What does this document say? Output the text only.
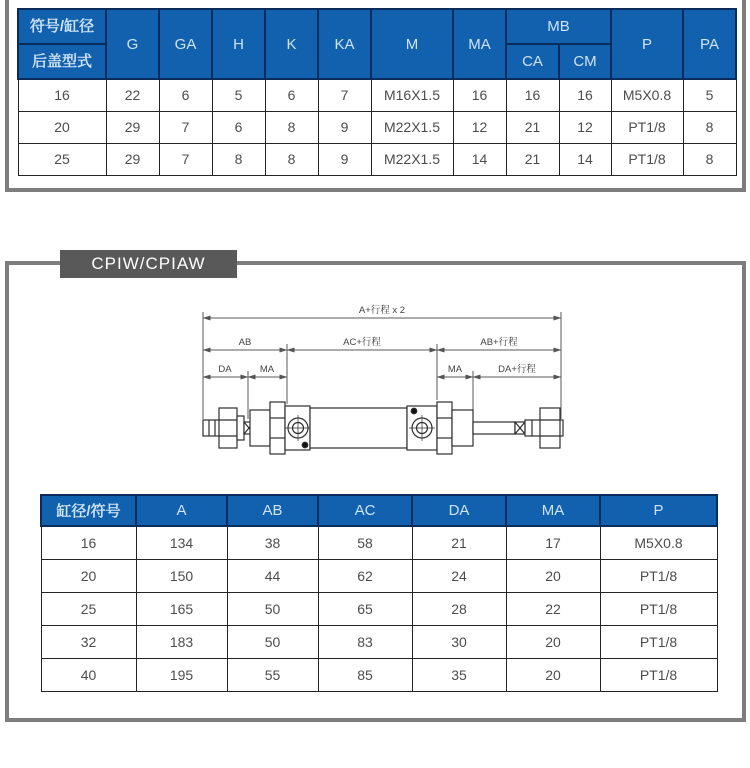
符号/缸径
后盖型式	G	GA	H	K	KA	M	MA	MB		P	PA
								CA	CM		
16	22	6	5	6	7	M16X1.5	16	16	16	M5X0.8	5
20	29	7	6	8	9	M22X1.5	12	21	12	PT1/8	8
25	29	7	8	8	9	M22X1.5	14	21	14	PT1/8	8
CPIW/CPIAW
A+行程 x 2
AB	AC+行程	AB+行程
DA	MA	MA	DA+行程
缸径/符号	A	AB	AC	DA	MA	P
16	134	38	58	21	17	M5X0.8
20	150	44	62	24	20	PT1/8
25	165	50	65	28	22	PT1/8
32	183	50	83	30	20	PT1/8
40	195	55	85	35	20	PT1/8
